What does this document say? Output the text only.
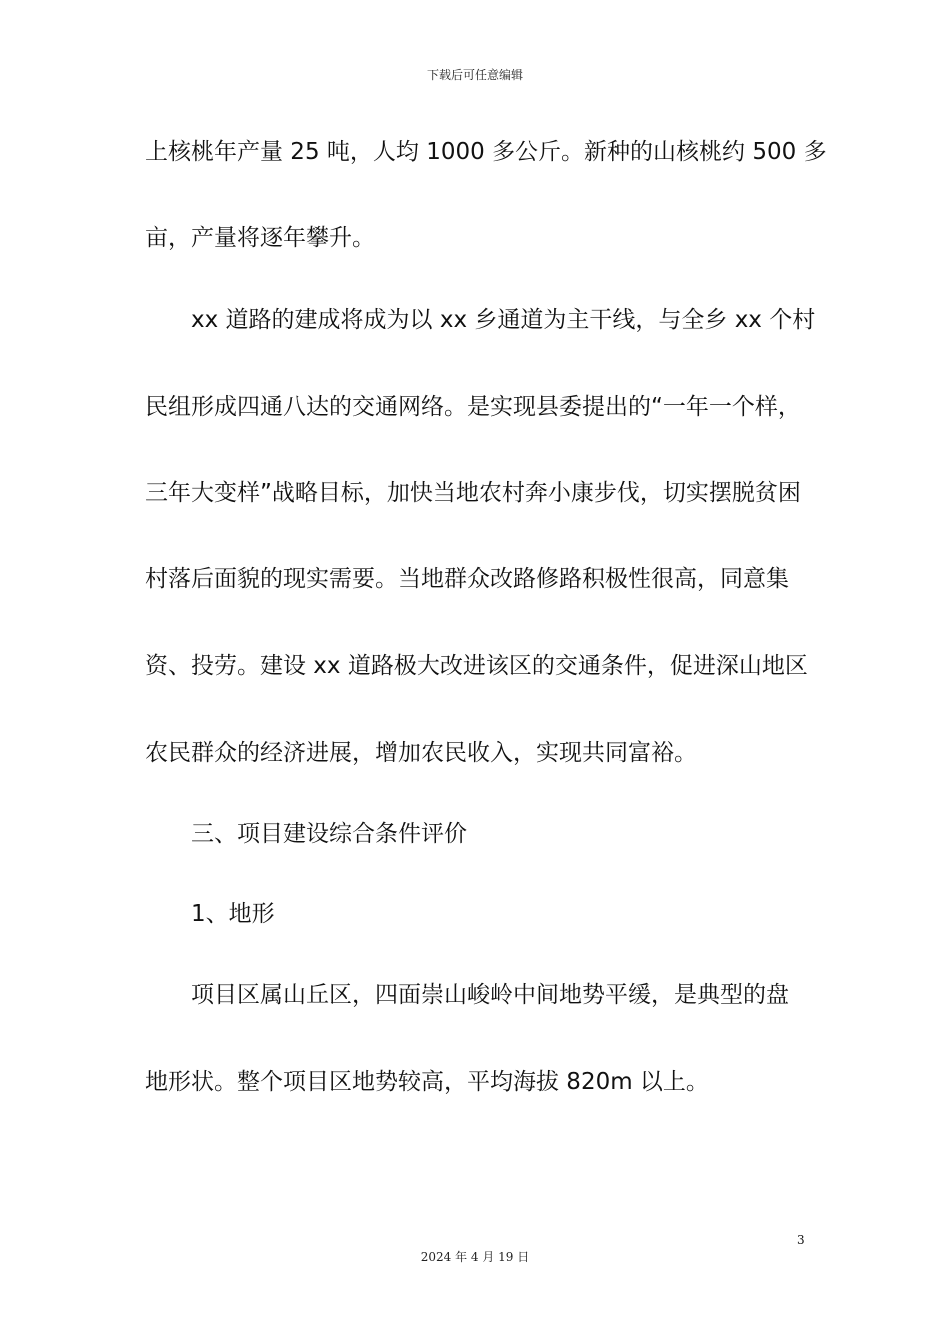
下载后可任意编辑
上核桃年产量 25 吨，人均 1000 多公斤。新种的山核桃约 500 多
亩，产量将逐年攀升。
xx 道路的建成将成为以 xx 乡通道为主干线，与全乡 xx 个村
民组形成四通八达的交通网络。是实现县委提出的“一年一个样，
三年大变样”战略目标，加快当地农村奔小康步伐，切实摆脱贫困
村落后面貌的现实需要。当地群众改路修路积极性很高，同意集
资、投劳。建设 xx 道路极大改进该区的交通条件，促进深山地区
农民群众的经济进展，增加农民收入，实现共同富裕。
三、项目建设综合条件评价
1、地形
项目区属山丘区，四面崇山峻岭中间地势平缓，是典型的盘
地形状。整个项目区地势较高，平均海拔 820m 以上。
3
2024 年 4 月 19 日
